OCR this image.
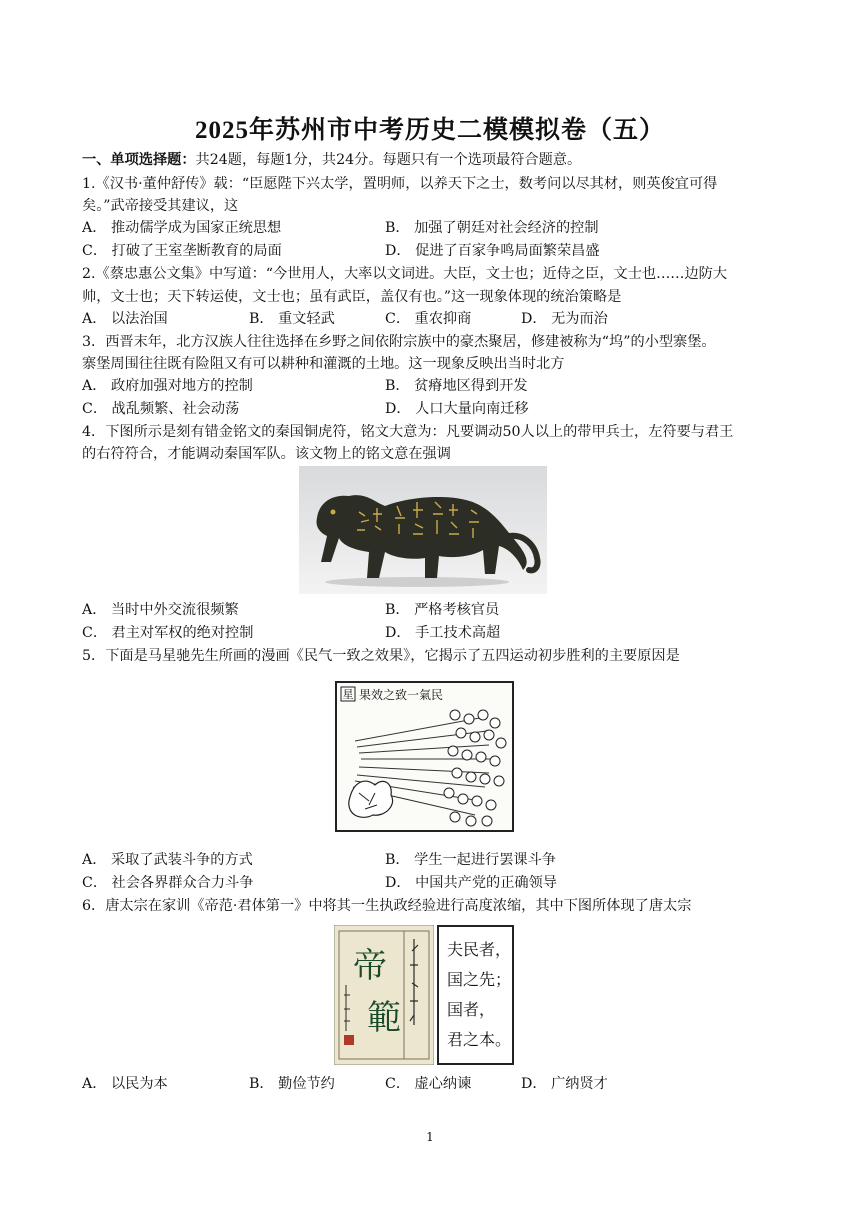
2025年苏州市中考历史二模模拟卷（五）
一、单项选择题：共24题，每题1分，共24分。每题只有一个选项最符合题意。
1.《汉书·董仲舒传》载：“臣愿陛下兴太学，置明师，以养天下之士，数考问以尽其材，则英俊宜可得
矣。”武帝接受其建议，这
A． 推动儒学成为国家正统思想	B． 加强了朝廷对社会经济的控制
C． 打破了王室垄断教育的局面	D． 促进了百家争鸣局面繁荣昌盛
2.《蔡忠惠公文集》中写道：“今世用人，大率以文词进。大臣，文士也；近侍之臣，文士也……边防大
帅，文士也；天下转运使，文士也；虽有武臣，盖仅有也。”这一现象体现的统治策略是
A． 以法治国	B． 重文轻武	C． 重农抑商	D． 无为而治
3．西晋末年，北方汉族人往往选择在乡野之间依附宗族中的豪杰聚居，修建被称为“坞”的小型寨堡。
寨堡周围往往既有险阻又有可以耕种和灌溉的土地。这一现象反映出当时北方
A． 政府加强对地方的控制	B． 贫瘠地区得到开发
C． 战乱频繁、社会动荡	D． 人口大量向南迁移
4．下图所示是刻有错金铭文的秦国铜虎符，铭文大意为：凡要调动50人以上的带甲兵士，左符要与君王
的右符符合，才能调动秦国军队。该文物上的铭文意在强调
A． 当时中外交流很频繁	B． 严格考核官员
C． 君主对军权的绝对控制	D． 手工技术高超
5．下面是马星驰先生所画的漫画《民气一致之效果》，它揭示了五四运动初步胜利的主要原因是
星 果效之致一氣民
A． 采取了武装斗争的方式	B． 学生一起进行罢课斗争
C． 社会各界群众合力斗争	D． 中国共产党的正确领导
6．唐太宗在家训《帝范·君体第一》中将其一生执政经验进行高度浓缩，其中下图所体现了唐太宗
帝
範
夫民者，
国之先；
国者，
君之本。
A． 以民为本	B． 勤俭节约	C． 虚心纳谏	D． 广纳贤才
1
